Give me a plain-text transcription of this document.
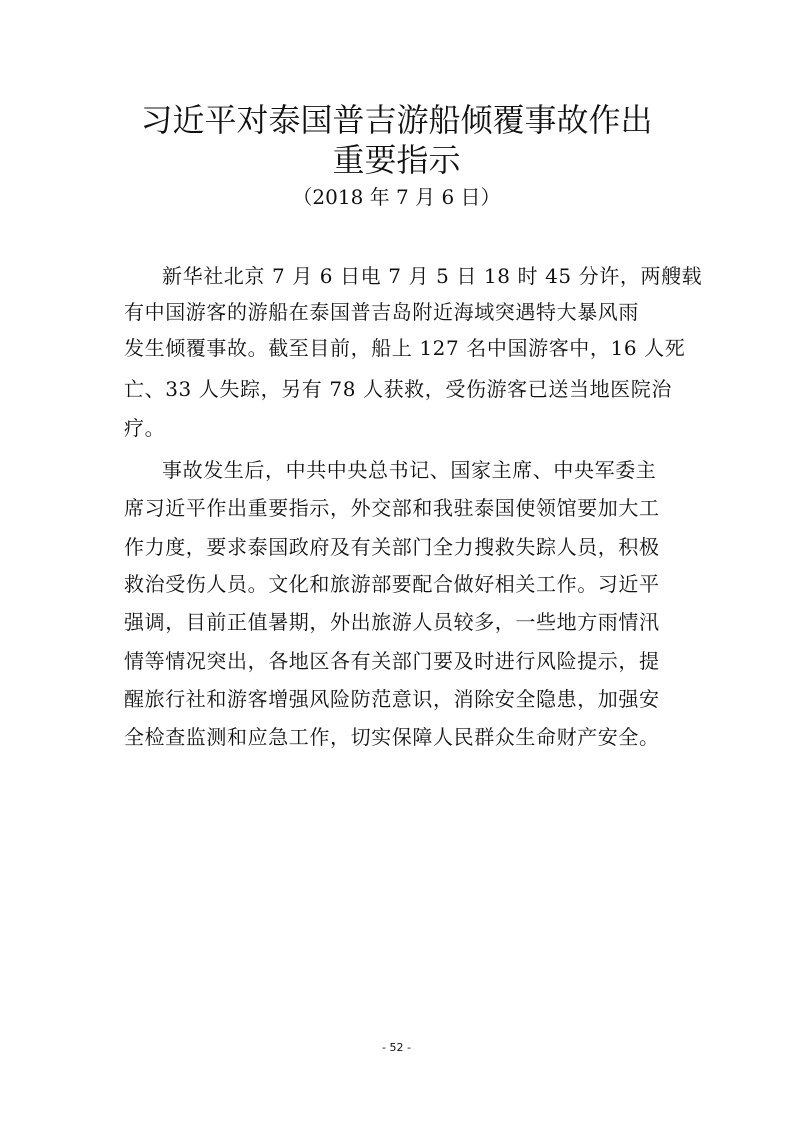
习近平对泰国普吉游船倾覆事故作出
重要指示
（2018 年 7 月 6 日）
新华社北京 7 月 6 日电 7 月 5 日 18 时 45 分许，两艘载
有中国游客的游船在泰国普吉岛附近海域突遇特大暴风雨
发生倾覆事故。截至目前，船上 127 名中国游客中，16 人死
亡、33 人失踪，另有 78 人获救，受伤游客已送当地医院治
疗。
事故发生后，中共中央总书记、国家主席、中央军委主
席习近平作出重要指示，外交部和我驻泰国使领馆要加大工
作力度，要求泰国政府及有关部门全力搜救失踪人员，积极
救治受伤人员。文化和旅游部要配合做好相关工作。习近平
强调，目前正值暑期，外出旅游人员较多，一些地方雨情汛
情等情况突出，各地区各有关部门要及时进行风险提示，提
醒旅行社和游客增强风险防范意识，消除安全隐患，加强安
全检查监测和应急工作，切实保障人民群众生命财产安全。
- 52 -
